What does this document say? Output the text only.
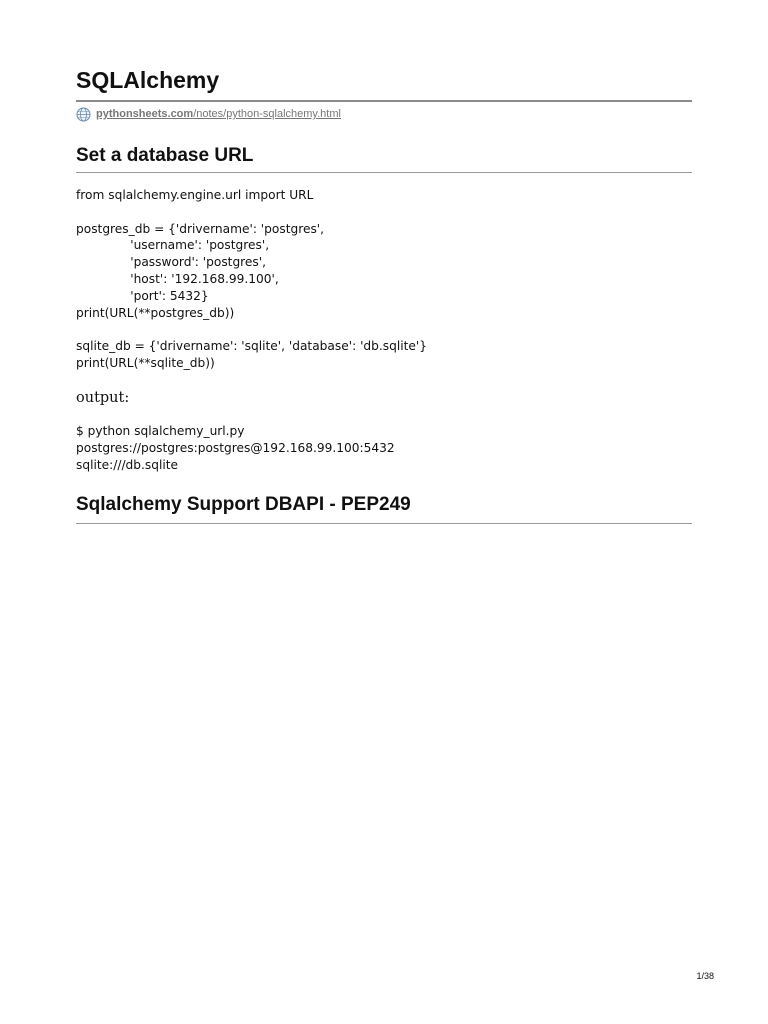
SQLAlchemy
pythonsheets.com /notes/python-sqlalchemy.html
Set a database URL
from sqlalchemy.engine.url import URL

postgres_db = {'drivername': 'postgres',
'username': 'postgres',
'password': 'postgres',
'host': '192.168.99.100',
'port': 5432}
print(URL(**postgres_db))

sqlite_db = {'drivername': 'sqlite', 'database': 'db.sqlite'}
print(URL(**sqlite_db))
output:
$ python sqlalchemy_url.py
postgres://postgres:postgres@192.168.99.100:5432
sqlite:///db.sqlite
Sqlalchemy Support DBAPI - PEP249
1/38
